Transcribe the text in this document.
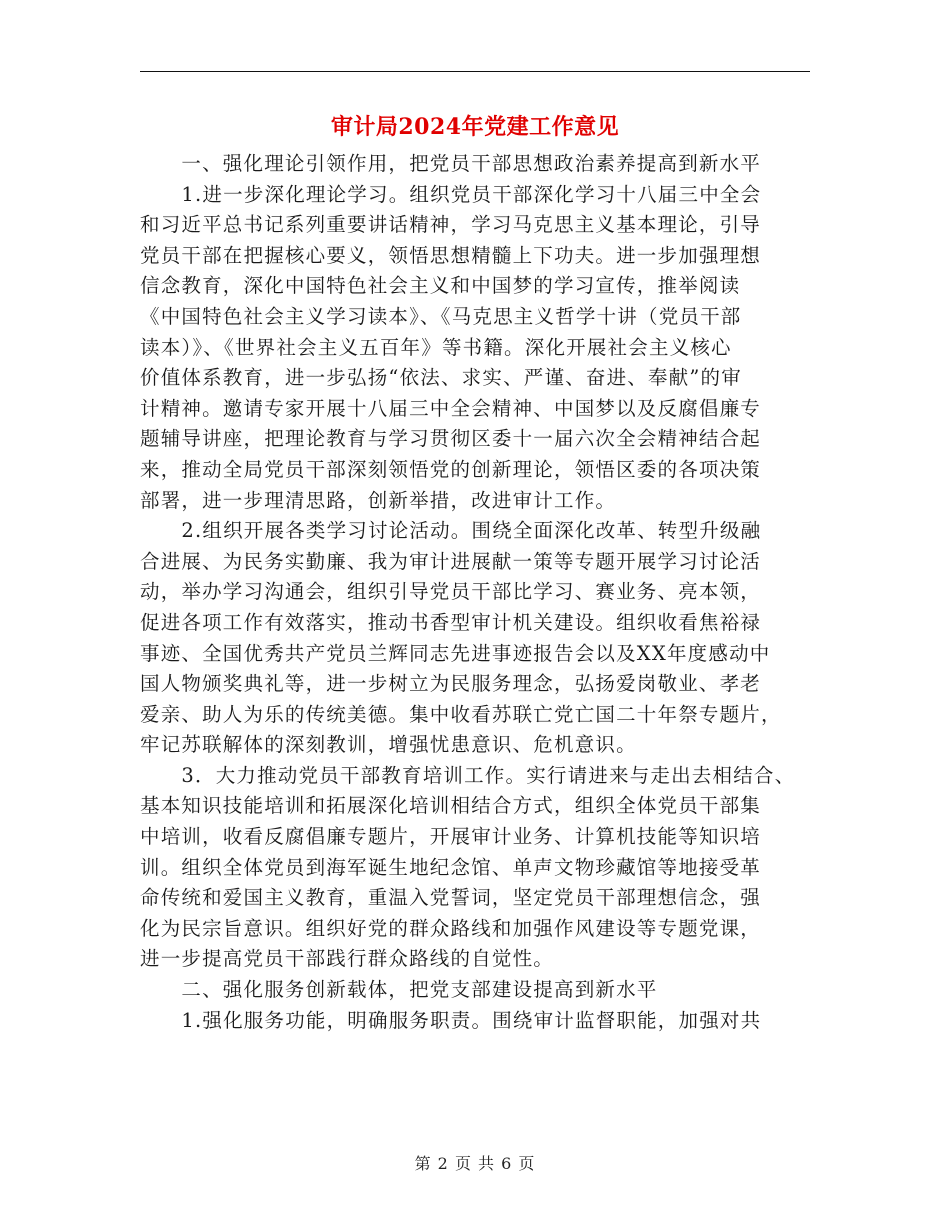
审计局2024年党建工作意见

　　一、强化理论引领作用，把党员干部思想政治素养提高到新水平

　　1.进一步深化理论学习。组织党员干部深化学习十八届三中全会

和习近平总书记系列重要讲话精神，学习马克思主义基本理论，引导

党员干部在把握核心要义，领悟思想精髓上下功夫。进一步加强理想

信念教育，深化中国特色社会主义和中国梦的学习宣传，推举阅读

《中国特色社会主义学习读本》、《马克思主义哲学十讲（党员干部

读本）》、《世界社会主义五百年》等书籍。深化开展社会主义核心

价值体系教育，进一步弘扬“依法、求实、严谨、奋进、奉献”的审

计精神。邀请专家开展十八届三中全会精神、中国梦以及反腐倡廉专

题辅导讲座，把理论教育与学习贯彻区委十一届六次全会精神结合起

来，推动全局党员干部深刻领悟党的创新理论，领悟区委的各项决策

部署，进一步理清思路，创新举措，改进审计工作。

　　2.组织开展各类学习讨论活动。围绕全面深化改革、转型升级融

合进展、为民务实勤廉、我为审计进展献一策等专题开展学习讨论活

动，举办学习沟通会，组织引导党员干部比学习、赛业务、亮本领，

促进各项工作有效落实，推动书香型审计机关建设。组织收看焦裕禄

事迹、全国优秀共产党员兰辉同志先进事迹报告会以及XX年度感动中

国人物颁奖典礼等，进一步树立为民服务理念，弘扬爱岗敬业、孝老

爱亲、助人为乐的传统美德。集中收看苏联亡党亡国二十年祭专题片，

牢记苏联解体的深刻教训，增强忧患意识、危机意识。

　　3．大力推动党员干部教育培训工作。实行请进来与走出去相结合、

基本知识技能培训和拓展深化培训相结合方式，组织全体党员干部集

中培训，收看反腐倡廉专题片，开展审计业务、计算机技能等知识培

训。组织全体党员到海军诞生地纪念馆、单声文物珍藏馆等地接受革

命传统和爱国主义教育，重温入党誓词，坚定党员干部理想信念，强

化为民宗旨意识。组织好党的群众路线和加强作风建设等专题党课，

进一步提高党员干部践行群众路线的自觉性。

　　二、强化服务创新载体，把党支部建设提高到新水平

　　1.强化服务功能，明确服务职责。围绕审计监督职能，加强对共

第 2 页 共 6 页
